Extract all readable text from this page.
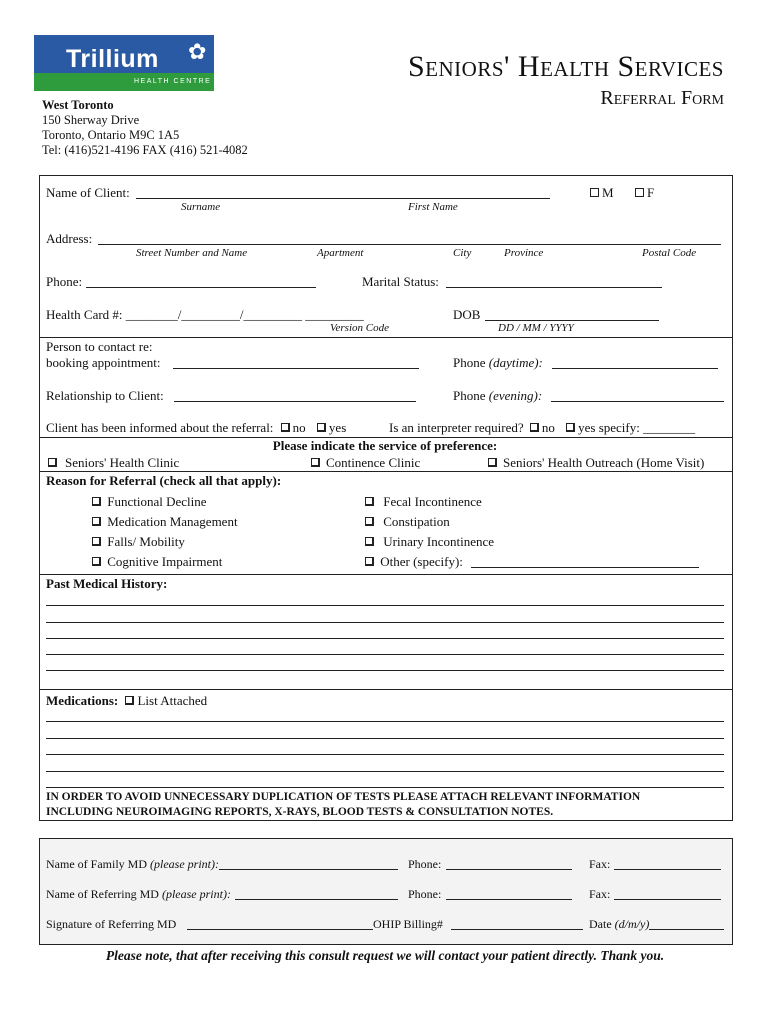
Trillium ✿
HEALTH CENTRE	Seniors' Health Services
Referral Form
West Toronto
150 Sherway Drive
Toronto, Ontario M9C 1A5
Tel: (416)521-4196 FAX (416) 521-4082
Name of Client:
Surname	First Name
M	F
Address:
Street Number and Name	Apartment	City	Province	Postal Code
Phone:	Marital Status:
Health Card #: ________/_________/_________ _________
Version Code
DOB
DD / MM / YYYY
Person to contact re:
booking appointment:	Phone (daytime):
Relationship to Client:	Phone (evening):
Client has been informed about the referral: no yes	Is an interpreter required? no yes specify: ________
Please indicate the service of preference:
Seniors' Health Clinic	Continence Clinic	Seniors' Health Outreach (Home Visit)
Reason for Referral (check all that apply):
Functional Decline
Medication Management
Falls/ Mobility
Cognitive Impairment
Fecal Incontinence
Constipation
Urinary Incontinence
Other (specify):
Past Medical History:
Medications: List Attached
IN ORDER TO AVOID UNNECESSARY DUPLICATION OF TESTS PLEASE ATTACH RELEVANT INFORMATION
INCLUDING NEUROIMAGING REPORTS, X-RAYS, BLOOD TESTS & CONSULTATION NOTES.
Name of Family MD (please print):	Phone:	Fax:
Name of Referring MD (please print):	Phone:	Fax:
Signature of Referring MD	OHIP Billing#	Date (d/m/y)
Please note, that after receiving this consult request we will contact your patient directly. Thank you.
